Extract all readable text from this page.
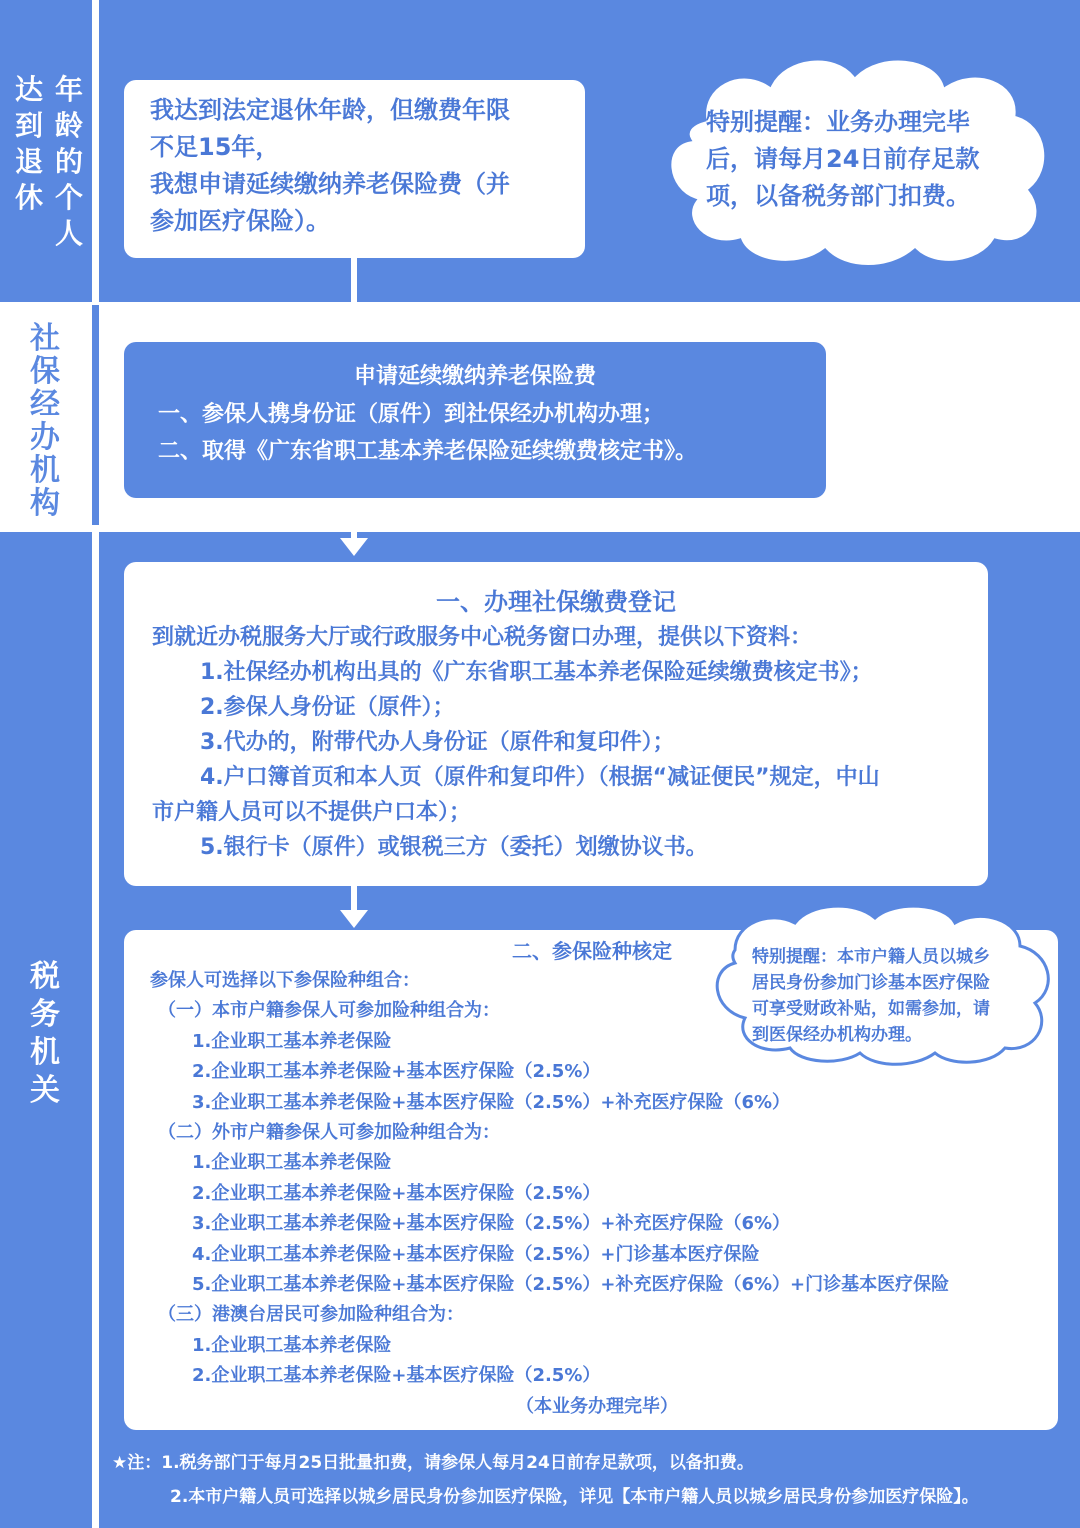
年龄的个人
达到退休
社保经办机构
税务机关

我达到法定退休年龄，但缴费年限

不足15年，

我想申请延续缴纳养老保险费（并

参加医疗保险）。

特别提醒：业务办理完毕

后，请每月24日前存足款

项，以备税务部门扣费。

申请延续缴纳养老保险费

一、参保人携身份证（原件）到社保经办机构办理；

二、取得《广东省职工基本养老保险延续缴费核定书》。

一、办理社保缴费登记

到就近办税服务大厅或行政服务中心税务窗口办理，提供以下资料：

1.社保经办机构出具的《广东省职工基本养老保险延续缴费核定书》；

2.参保人身份证（原件）；

3.代办的，附带代办人身份证（原件和复印件）；

4.户口簿首页和本人页（原件和复印件）（根据“减证便民”规定，中山

市户籍人员可以不提供户口本）；

5.银行卡（原件）或银税三方（委托）划缴协议书。

二、参保险种核定

参保人可选择以下参保险种组合：

（一）本市户籍参保人可参加险种组合为：

1.企业职工基本养老保险

2.企业职工基本养老保险+基本医疗保险（2.5%）

3.企业职工基本养老保险+基本医疗保险（2.5%）+补充医疗保险（6%）

（二）外市户籍参保人可参加险种组合为：

1.企业职工基本养老保险

2.企业职工基本养老保险+基本医疗保险（2.5%）

3.企业职工基本养老保险+基本医疗保险（2.5%）+补充医疗保险（6%）

4.企业职工基本养老保险+基本医疗保险（2.5%）+门诊基本医疗保险

5.企业职工基本养老保险+基本医疗保险（2.5%）+补充医疗保险（6%）+门诊基本医疗保险

（三）港澳台居民可参加险种组合为：

1.企业职工基本养老保险

2.企业职工基本养老保险+基本医疗保险（2.5%）

（本业务办理完毕）

特别提醒：本市户籍人员以城乡

居民身份参加门诊基本医疗保险

可享受财政补贴，如需参加，请

到医保经办机构办理。

★注：1.税务部门于每月25日批量扣费，请参保人每月24日前存足款项，以备扣费。

2.本市户籍人员可选择以城乡居民身份参加医疗保险，详见【本市户籍人员以城乡居民身份参加医疗保险】。
